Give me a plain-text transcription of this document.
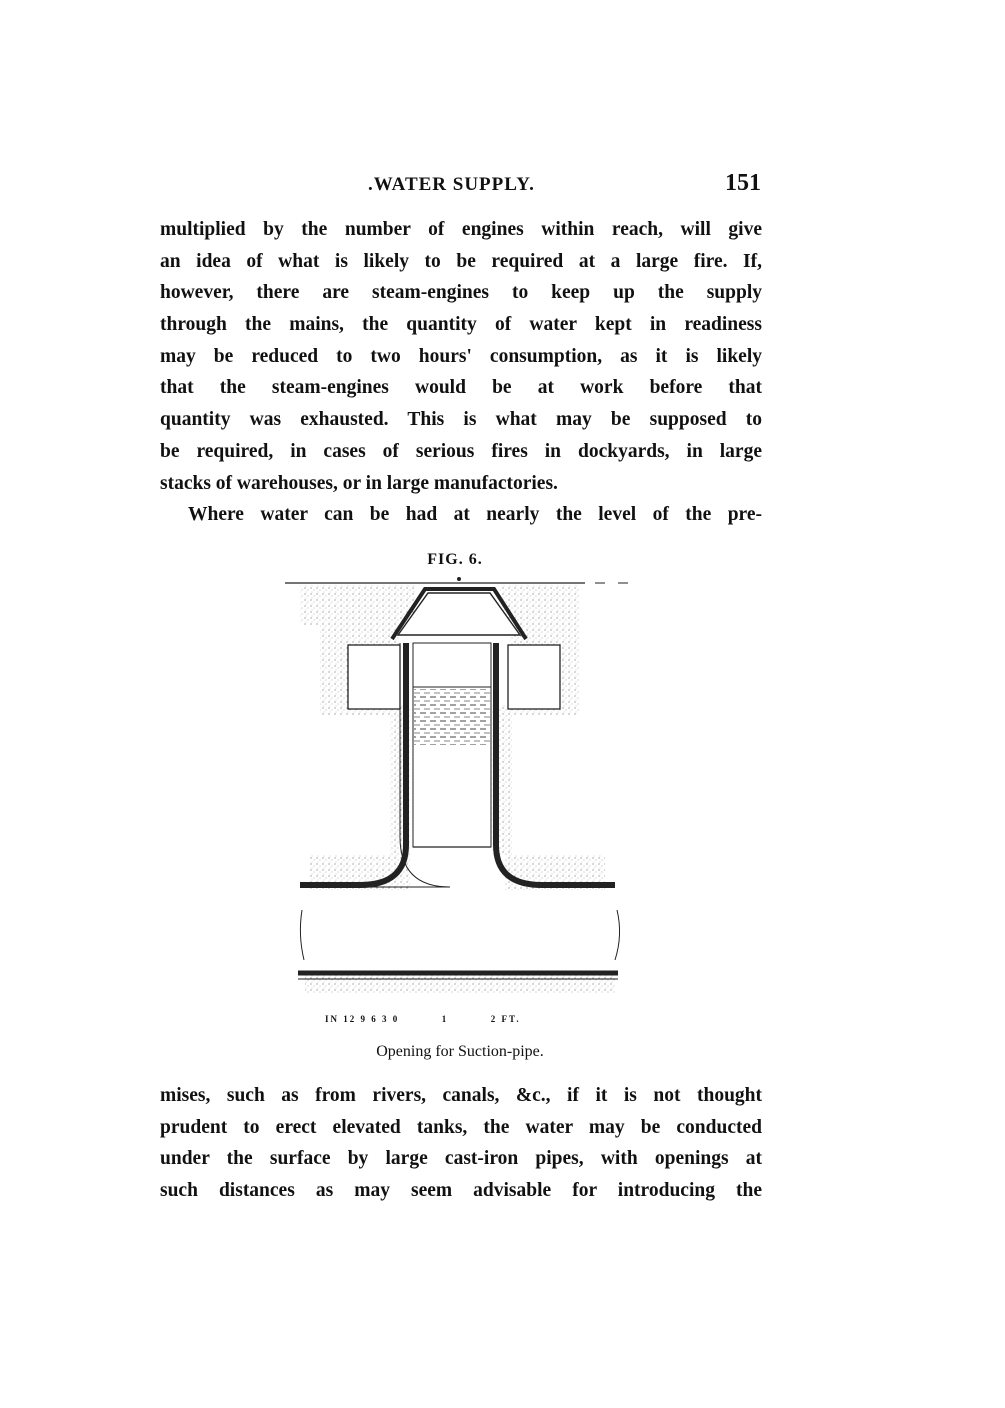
.WATER SUPPLY.	151
multiplied by the number of engines within reach, will give
an idea of what is likely to be required at a large fire. If,
however, there are steam-engines to keep up the supply
through the mains, the quantity of water kept in readiness
may be reduced to two hours' consumption, as it is likely
that the steam-engines would be at work before that
quantity was exhausted. This is what may be supposed to
be required, in cases of serious fires in dockyards, in large
stacks of warehouses, or in large manufactories.
Where water can be had at nearly the level of the pre-
FIG. 6.
IN 12 9 6 3 0          1          2 FT.
Opening for Suction-pipe.
mises, such as from rivers, canals, &c., if it is not thought
prudent to erect elevated tanks, the water may be conducted
under the surface by large cast-iron pipes, with openings at
such distances as may seem advisable for introducing the
